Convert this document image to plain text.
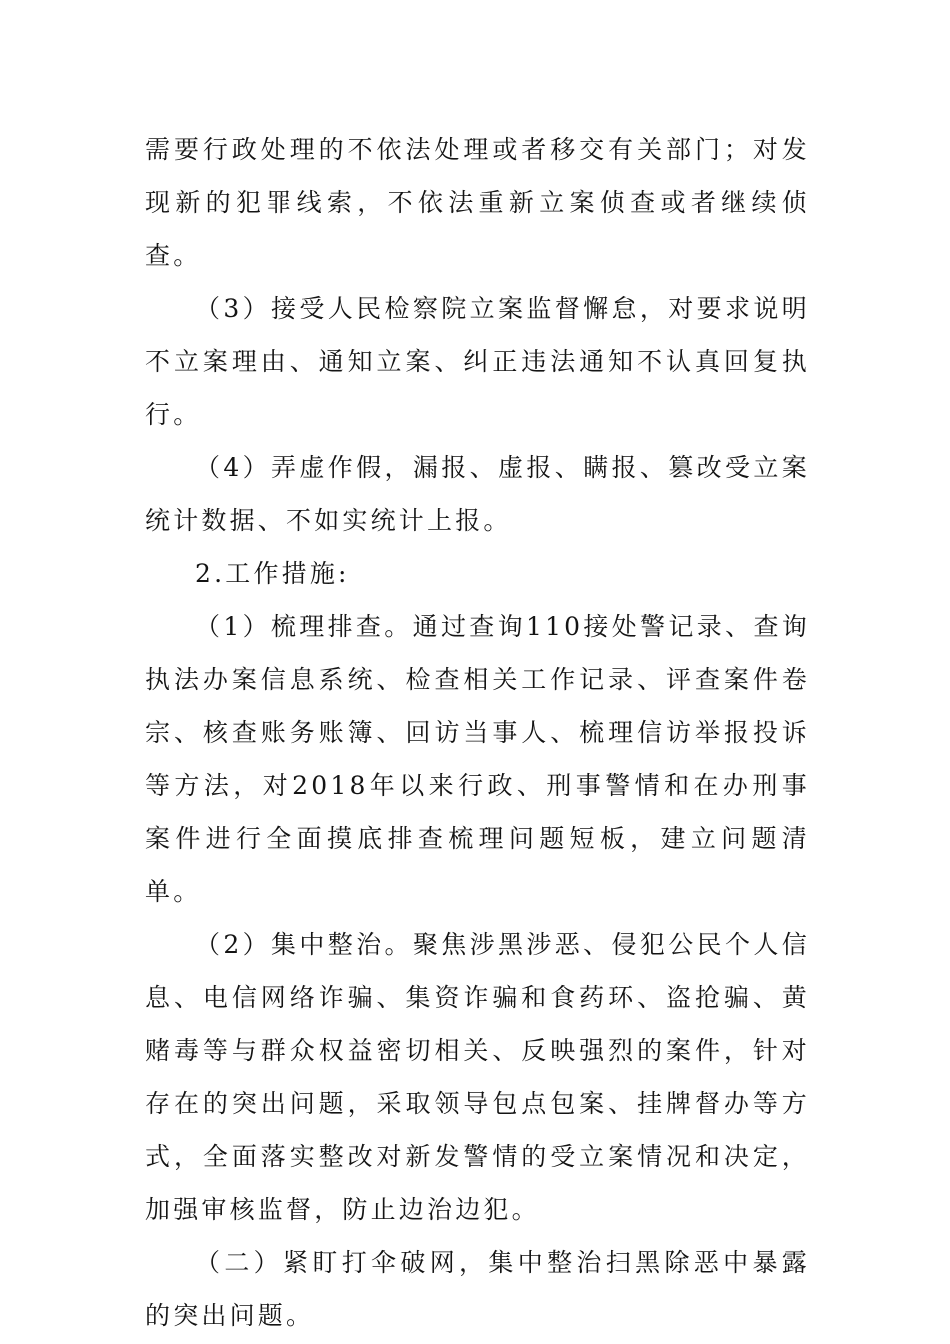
需要行政处理的不依法处理或者移交有关部门；对发现新的犯罪线索，不依法重新立案侦查或者继续侦查。

（3）接受人民检察院立案监督懈怠，对要求说明不立案理由、通知立案、纠正违法通知不认真回复执行。

（4）弄虚作假，漏报、虚报、瞒报、篡改受立案统计数据、不如实统计上报。

2.工作措施:

（1）梳理排查。通过查询110接处警记录、查询执法办案信息系统、检查相关工作记录、评查案件卷宗、核查账务账簿、回访当事人、梳理信访举报投诉等方法，对2018年以来行政、刑事警情和在办刑事案件进行全面摸底排查梳理问题短板，建立问题清单。

（2）集中整治。聚焦涉黑涉恶、侵犯公民个人信息、电信网络诈骗、集资诈骗和食药环、盗抢骗、黄赌毒等与群众权益密切相关、反映强烈的案件，针对存在的突出问题，采取领导包点包案、挂牌督办等方式，全面落实整改对新发警情的受立案情况和决定，加强审核监督，防止边治边犯。

（二）紧盯打伞破网，集中整治扫黑除恶中暴露的突出问题。
